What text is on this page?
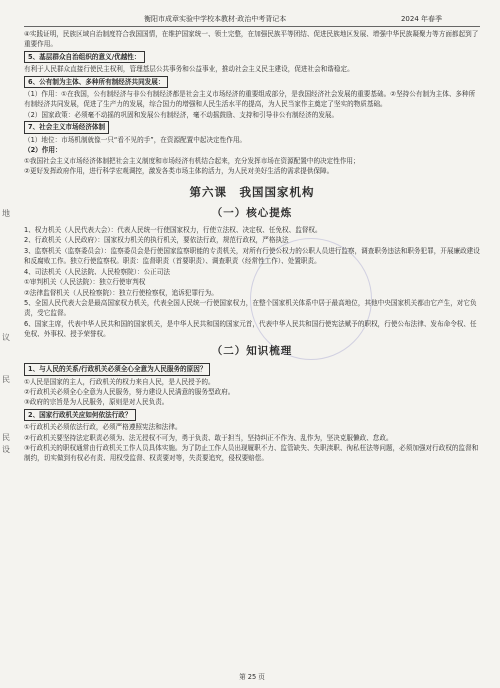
地
议
民
民
设
衡阳市成章实验中学校本教材·政治中考背记本	2024 年春季

④实践证明，民族区域自治制度符合我国国情，在维护国家统一、领土完整，在加强民族平等团结、促进民族地区发展、增强中华民族凝聚力等方面都起到了重要作用。

5、基层群众自治组织的意义/优越性：

有利于人民群众直接行使民主权利，管理基层公共事务和公益事业，推动社会主义民主建设，促进社会和谐稳定。

6、公有制为主体、多种所有制经济共同发展：

（1）作用：①在我国，公有制经济与非公有制经济都是社会主义市场经济的重要组成部分，是我国经济社会发展的重要基础。②坚持公有制为主体、多种所有制经济共同发展，促进了生产力的发展，综合国力的增强和人民生活水平的提高，为人民当家作主奠定了坚实的物质基础。

（2）国家政策：必须毫不动摇的巩固和发展公有制经济，毫不动摇鼓励、支持和引导非公有制经济的发展。

7、社会主义市场经济体制

（1）地位：市场机制就像一只“看不见的手”，在资源配置中起决定性作用。

（2）作用：

①我国社会主义市场经济体制把社会主义制度和市场经济有机结合起来，充分发挥市场在资源配置中的决定性作用；

②更好发挥政府作用，进行科学宏观调控，激发各类市场主体的活力，为人民对美好生活的需求提供保障。

第六课　我国国家机构
（一）核心提炼

1、权力机关（人民代表大会）：代表人民统一行使国家权力，行使立法权、决定权、任免权、监督权。

2、行政机关（人民政府）：国家权力机关的执行机关，要依法行政，规范行政权，严格执法

3、监察机关（监察委员会）：监察委员会是行使国家监察职能的专责机关，对所有行使公权力的公职人员进行监察，调查职务违法和职务犯罪，开展廉政建设和反腐败工作。独立行使监察权。职责：监督职责（首要职责）、调查职责（经常性工作）、处置职责。

4、司法机关（人民法院、人民检察院）：公正司法

①审判机关（人民法院）：独立行使审判权

②法律监督机关（人民检察院）：独立行使检察权，追诉犯罪行为。

5、全国人民代表大会是最高国家权力机关，代表全国人民统一行使国家权力，在整个国家机关体系中居于最高地位，其他中央国家机关都由它产生，对它负责，受它监督。

6、国家主席，代表中华人民共和国的国家机关，是中华人民共和国的国家元首，代表中华人民共和国行使宪法赋予的职权，行使公布法律、发布命令权、任免权、外事权、授予荣誉权。

（二）知识梳理
1、与人民的关系/行政机关必须全心全意为人民服务的原因？

①人民是国家的主人，行政机关的权力来自人民，是人民授予的。

②行政机关必须全心全意为人民服务，努力建设人民满意的服务型政府。

③政府的宗旨是为人民服务，原则是对人民负责。

2、国家行政机关应如何依法行政？

①行政机关必须依法行政，必须严格遵照宪法和法律。

②行政机关要坚持法定职责必须为、法无授权不可为，勇于负责、敢于担当，坚持纠正不作为、乱作为，坚决克服懒政、怠政。

③行政机关的职权通常由行政机关工作人员具体实施。为了防止工作人员出现履职不力、监管缺失、失职渎职、徇私枉法等问题，必须加强对行政权的监督和制约，切实做到有权必有责、用权受监督、权责要对等，失责要追究，侵权要赔偿。

第 25 页
